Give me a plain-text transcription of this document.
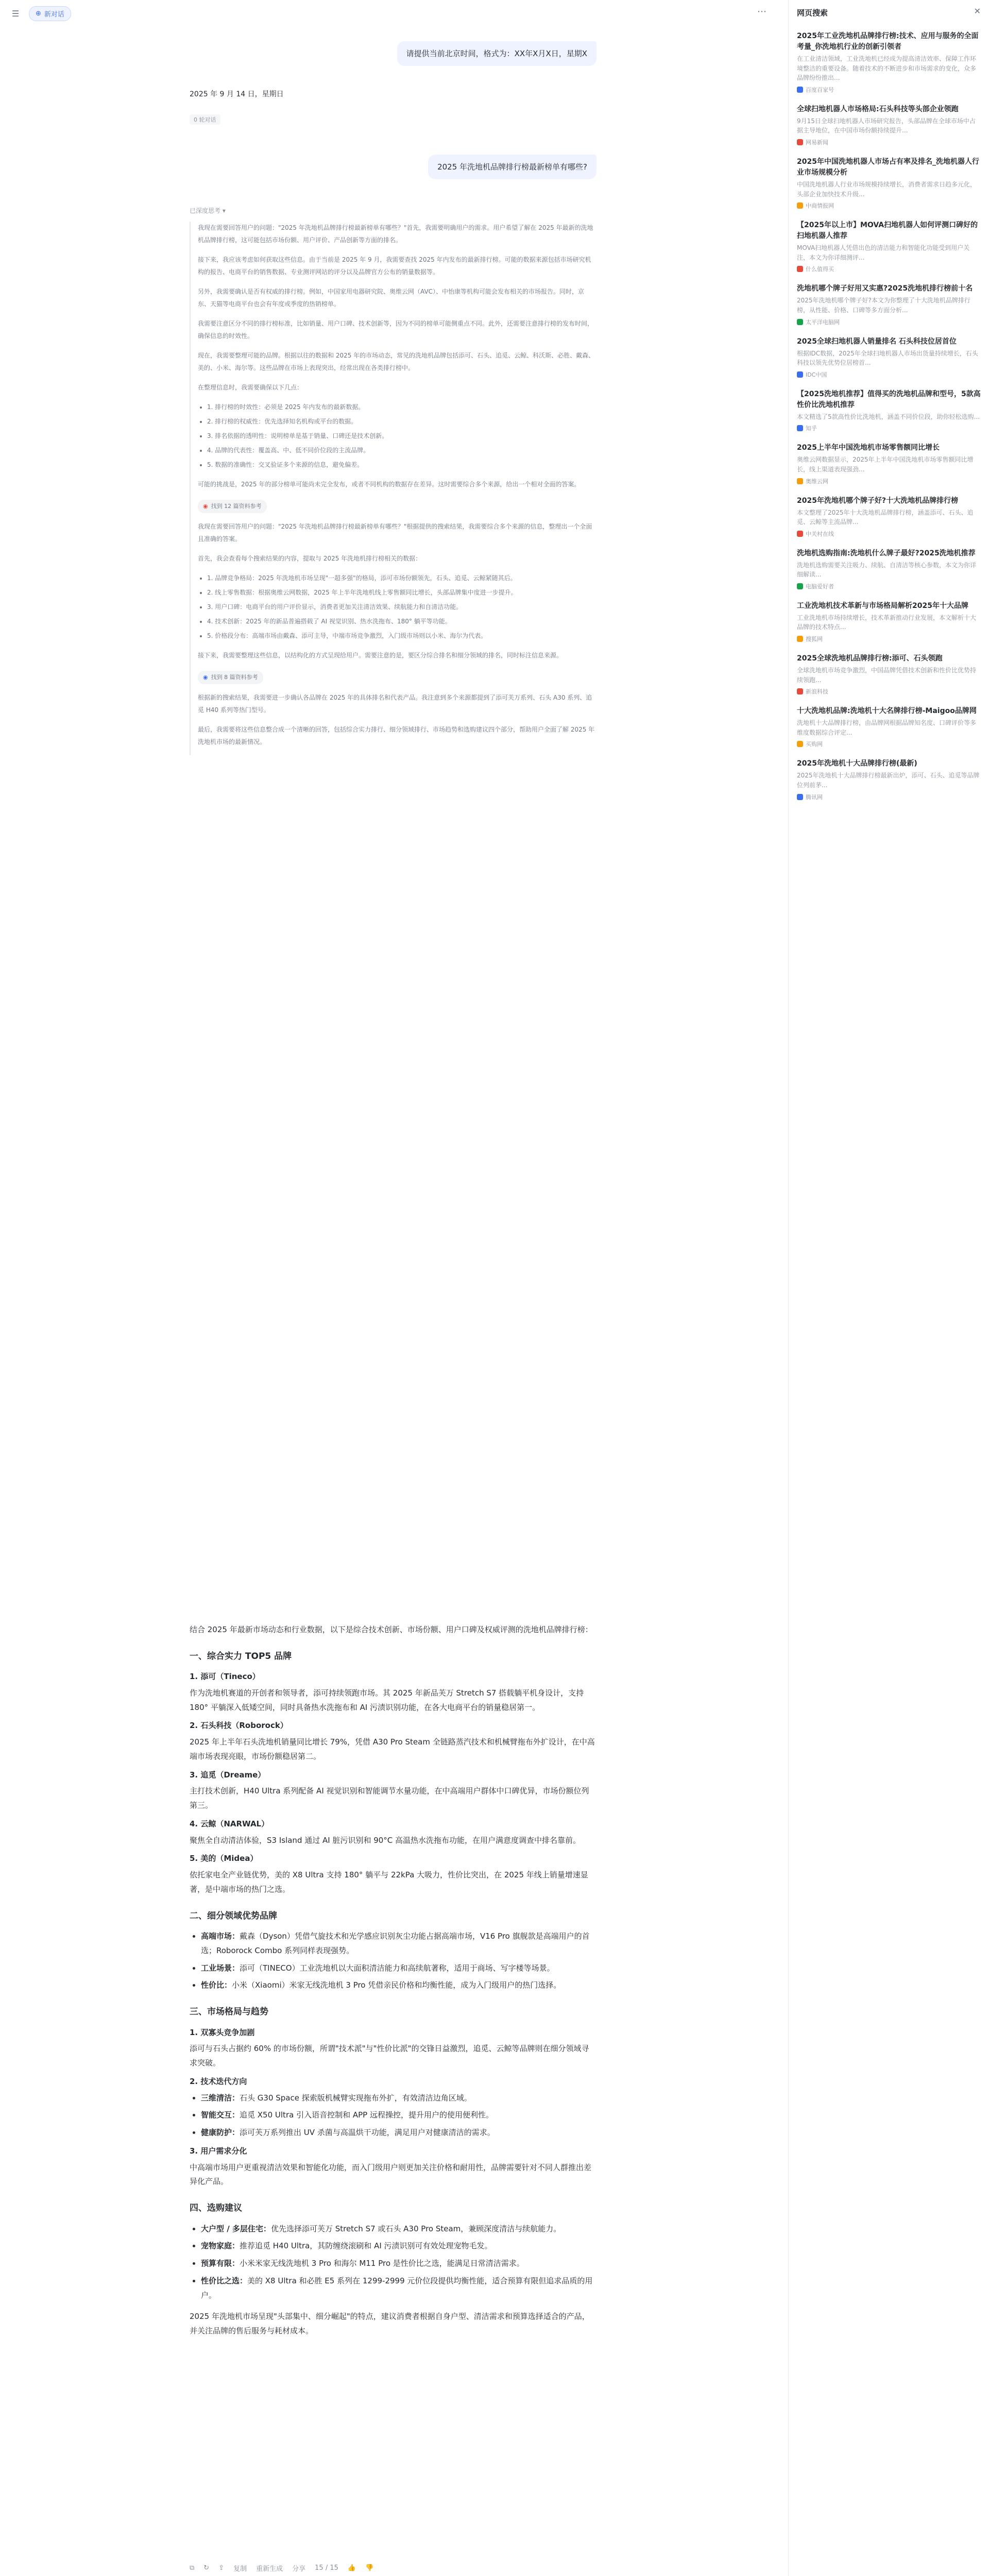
☰	⊕ 新对话	⋯
请提供当前北京时间，格式为：XX年X月X日，星期X
2025 年 9 月 14 日，星期日
0 轮对话
2025 年洗地机品牌排行榜最新榜单有哪些?
已深度思考 ▾

我现在需要回答用户的问题："2025 年洗地机品牌排行榜最新榜单有哪些？"首先，我需要明确用户的需求。用户希望了解在 2025 年最新的洗地机品牌排行榜，这可能包括市场份额、用户评价、产品创新等方面的排名。

接下来，我应该考虑如何获取这些信息。由于当前是 2025 年 9 月，我需要查找 2025 年内发布的最新排行榜。可能的数据来源包括市场研究机构的报告、电商平台的销售数据、专业测评网站的评分以及品牌官方公布的销量数据等。

另外，我需要确认是否有权威的排行榜。例如，中国家用电器研究院、奥维云网（AVC）、中怡康等机构可能会发布相关的市场报告。同时，京东、天猫等电商平台也会有年度或季度的热销榜单。

我需要注意区分不同的排行榜标准，比如销量、用户口碑、技术创新等，因为不同的榜单可能侧重点不同。此外，还需要注意排行榜的发布时间，确保信息的时效性。

现在，我需要整理可能的品牌。根据以往的数据和 2025 年的市场动态，常见的洗地机品牌包括添可、石头、追觅、云鲸、科沃斯、必胜、戴森、美的、小米、海尔等。这些品牌在市场上表现突出，经常出现在各类排行榜中。

在整理信息时，我需要确保以下几点：

• 1. 排行榜的时效性：必须是 2025 年内发布的最新数据。
• 2. 排行榜的权威性：优先选择知名机构或平台的数据。
• 3. 排名依据的透明性：说明榜单是基于销量、口碑还是技术创新。
• 4. 品牌的代表性：覆盖高、中、低不同价位段的主流品牌。
• 5. 数据的准确性：交叉验证多个来源的信息，避免偏差。

可能的挑战是，2025 年的部分榜单可能尚未完全发布，或者不同机构的数据存在差异。这时需要综合多个来源，给出一个相对全面的答案。

◉ 找到 12 篇资料参考

我现在需要回答用户的问题："2025 年洗地机品牌排行榜最新榜单有哪些？"根据提供的搜索结果，我需要综合多个来源的信息，整理出一个全面且准确的答案。

首先，我会查看每个搜索结果的内容，提取与 2025 年洗地机排行榜相关的数据：

• 1. 品牌竞争格局：2025 年洗地机市场呈现"一超多强"的格局，添可市场份额领先，石头、追觅、云鲸紧随其后。
• 2. 线上零售数据：根据奥维云网数据，2025 年上半年洗地机线上零售额同比增长，头部品牌集中度进一步提升。
• 3. 用户口碑：电商平台的用户评价显示，消费者更加关注清洁效果、续航能力和自清洁功能。
• 4. 技术创新：2025 年的新品普遍搭载了 AI 视觉识别、热水洗拖布、180° 躺平等功能。
• 5. 价格段分布：高端市场由戴森、添可主导，中端市场竞争激烈，入门级市场则以小米、海尔为代表。

接下来，我需要整理这些信息，以结构化的方式呈现给用户。需要注意的是，要区分综合排名和细分领域的排名，同时标注信息来源。

◉ 找到 8 篇资料参考

根据新的搜索结果，我需要进一步确认各品牌在 2025 年的具体排名和代表产品。我注意到多个来源都提到了添可芙万系列、石头 A30 系列、追觅 H40 系列等热门型号。

最后，我需要将这些信息整合成一个清晰的回答，包括综合实力排行、细分领域排行、市场趋势和选购建议四个部分，帮助用户全面了解 2025 年洗地机市场的最新情况。

结合 2025 年最新市场动态和行业数据，以下是综合技术创新、市场份额、用户口碑及权威评测的洗地机品牌排行榜：

一、综合实力 TOP5 品牌
1. 添可（Tineco）

作为洗地机赛道的开创者和领导者，添可持续领跑市场。其 2025 年新品芙万 Stretch S7 搭载躺平机身设计，支持 180° 平躺深入低矮空间，同时具备热水洗拖布和 AI 污渍识别功能，在各大电商平台的销量稳居第一。

2. 石头科技（Roborock）

2025 年上半年石头洗地机销量同比增长 79%，凭借 A30 Pro Steam 全链路蒸汽技术和机械臂拖布外扩设计，在中高端市场表现亮眼，市场份额稳居第二。

3. 追觅（Dreame）

主打技术创新，H40 Ultra 系列配备 AI 视觉识别和智能调节水量功能，在中高端用户群体中口碑优异，市场份额位列第三。

4. 云鲸（NARWAL）

聚焦全自动清洁体验，S3 Island 通过 AI 脏污识别和 90°C 高温热水洗拖布功能，在用户满意度调查中排名靠前。

5. 美的（Midea）

依托家电全产业链优势，美的 X8 Ultra 支持 180° 躺平与 22kPa 大吸力，性价比突出，在 2025 年线上销量增速显著，是中端市场的热门之选。

二、细分领域优势品牌
• 高端市场：戴森（Dyson）凭借气旋技术和光学感应识别灰尘功能占据高端市场，V16 Pro 旗舰款是高端用户的首选；Roborock Combo 系列同样表现强势。
• 工业场景：添可（TINECO）工业洗地机以大面积清洁能力和高续航著称，适用于商场、写字楼等场景。
• 性价比：小米（Xiaomi）米家无线洗地机 3 Pro 凭借亲民价格和均衡性能，成为入门级用户的热门选择。
三、市场格局与趋势
1. 双寡头竞争加剧

添可与石头占据约 60% 的市场份额，所谓"技术派"与"性价比派"的交锋日益激烈，追觅、云鲸等品牌则在细分领域寻求突破。

2. 技术迭代方向
• 三维清洁：石头 G30 Space 探索版机械臂实现拖布外扩，有效清洁边角区域。
• 智能交互：追觅 X50 Ultra 引入语音控制和 APP 远程操控，提升用户的使用便利性。
• 健康防护：添可芙万系列推出 UV 杀菌与高温烘干功能，满足用户对健康清洁的需求。
3. 用户需求分化

中高端市场用户更重视清洁效果和智能化功能，而入门级用户则更加关注价格和耐用性，品牌需要针对不同人群推出差异化产品。

四、选购建议
• 大户型 / 多层住宅：优先选择添可芙万 Stretch S7 或石头 A30 Pro Steam，兼顾深度清洁与续航能力。
• 宠物家庭：推荐追觅 H40 Ultra，其防缠绕滚刷和 AI 污渍识别可有效处理宠物毛发。
• 预算有限：小米米家无线洗地机 3 Pro 和海尔 M11 Pro 是性价比之选，能满足日常清洁需求。
• 性价比之选：美的 X8 Ultra 和必胜 E5 系列在 1299-2999 元价位段提供均衡性能，适合预算有限但追求品质的用户。

2025 年洗地机市场呈现"头部集中、细分崛起"的特点，建议消费者根据自身户型、清洁需求和预算选择适合的产品，并关注品牌的售后服务与耗材成本。

⧉ ↻ ⇪ 复制 重新生成 分享 15 / 15 👍 👎
网页搜索	✕
2025年工业洗地机品牌排行榜:技术、应用与服务的全面考量_你洗地机行业的创新引领者
在工业清洁领域，工业洗地机已经成为提高清洁效率、保障工作环境整洁的重要设备。随着技术的不断进步和市场需求的变化，众多品牌纷纷推出...
百度百家号
全球扫地机器人市场格局:石头科技等头部企业领跑
9月15日全球扫地机器人市场研究报告，头部品牌在全球市场中占据主导地位，在中国市场份额持续提升...
网易新闻
2025年中国洗地机器人市场占有率及排名_洗地机器人行业市场规模分析
中国洗地机器人行业市场规模持续增长，消费者需求日趋多元化，头部企业加快技术升级...
中商情报网
【2025年以上市】MOVA扫地机器人如何评测口碑好的扫地机器人推荐
MOVA扫地机器人凭借出色的清洁能力和智能化功能受到用户关注，本文为你详细测评...
什么值得买
洗地机哪个牌子好用又实惠?2025洗地机排行榜前十名
2025年洗地机哪个牌子好?本文为你整理了十大洗地机品牌排行榜，从性能、价格、口碑等多方面分析...
太平洋电脑网
2025全球扫地机器人销量排名 石头科技位居首位
根据IDC数据，2025年全球扫地机器人市场出货量持续增长，石头科技以领先优势位居榜首...
IDC中国
【2025洗地机推荐】值得买的洗地机品牌和型号，5款高性价比洗地机推荐
本文精选了5款高性价比洗地机，涵盖不同价位段，助你轻松选购...
知乎
2025上半年中国洗地机市场零售额同比增长
奥维云网数据显示，2025年上半年中国洗地机市场零售额同比增长，线上渠道表现强劲...
奥维云网
2025年洗地机哪个牌子好?十大洗地机品牌排行榜
本文整理了2025年十大洗地机品牌排行榜，涵盖添可、石头、追觅、云鲸等主流品牌...
中关村在线
洗地机选购指南:洗地机什么牌子最好?2025洗地机推荐
洗地机选购需要关注吸力、续航、自清洁等核心参数，本文为你详细解读...
电脑爱好者
工业洗地机技术革新与市场格局解析2025年十大品牌
工业洗地机市场持续增长，技术革新推动行业发展，本文解析十大品牌的技术特点...
搜狐网
2025全球洗地机品牌排行榜:添可、石头领跑
全球洗地机市场竞争激烈，中国品牌凭借技术创新和性价比优势持续领跑...
新浪科技
十大洗地机品牌:洗地机十大名牌排行榜-Maigoo品牌网
洗地机十大品牌排行榜，由品牌网根据品牌知名度、口碑评价等多维度数据综合评定...
买购网
2025年洗地机十大品牌排行榜(最新)
2025年洗地机十大品牌排行榜最新出炉，添可、石头、追觅等品牌位列前茅...
腾讯网
